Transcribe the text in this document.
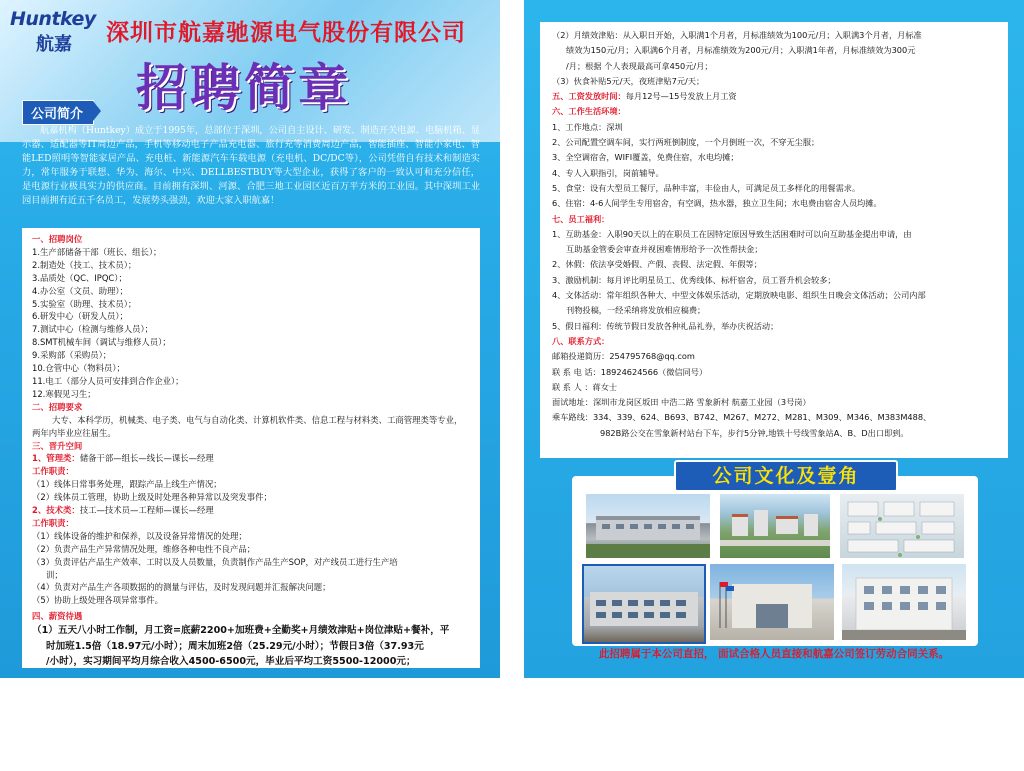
Huntkey
航嘉 深圳市航嘉驰源电气股份有限公司
招聘简章
公司简介
航嘉机构（Huntkey）成立于1995年，总部位于深圳，公司自主设计、研发、制造开关电源、电脑机箱、显示器、适配器等IT周边产品，手机等移动电子产品充电器、旅行充等消费周边产品，智能插座、智能小家电、智能LED照明等智能家居产品、充电桩、新能源汽车车载电源（充电机、DC/DC等），公司凭借自有技术和制造实力，常年服务于联想、华为、海尔、中兴、DELLBESTBUY等大型企业，获得了客户的一致认可和充分信任，是电源行业极具实力的供应商。目前拥有深圳、河源、合肥三地工业园区近百万平方米的工业园。其中深圳工业园目前拥有近五千名员工，发展势头强劲，欢迎大家入职航嘉！
一、招聘岗位
1.生产部储备干部（班长、组长）；
2.制造处（技工、技术员）；
3.品质处（QC、IPQC）；
4.办公室（文员、助理）；
5.实验室（助理、技术员）；
6.研发中心（研发人员）；
7.测试中心（检测与维修人员）；
8.SMT机械车间（调试与维修人员）；
9.采购部（采购员）；
10.仓管中心（物料员）；
11.电工（部分人员可安排到合作企业）；
12.寒假见习生；
二、招聘要求
大专、本科学历，机械类、电子类、电气与自动化类、计算机软件类、信息工程与材料类、工商管理类等专业，两年内毕业应往届生。
三、晋升空间
1、管理类：储备干部—组长—线长—课长—经理
工作职责：
（1）线体日常事务处理，跟踪产品上线生产情况；
（2）线体员工管理，协助上级及时处理各种异常以及突发事件；
2、技术类：技工—技术员—工程师—课长—经理
工作职责：
（1）线体设备的维护和保养，以及设备异常情况的处理；
（2）负责产品生产异常情况处理，维修各种电性不良产品；
（3）负责评估产品生产效率、工时以及人员数量，负责制作产品生产SOP，对产线员工进行生产培
训；
（4）负责对产品生产各项数据的的测量与评估，及时发现问题并汇报解决问题；
（5）协助上级处理各项异常事件。
四、薪资待遇
（1）五天八小时工作制，月工资=底薪2200+加班费+全勤奖+月绩效津贴+岗位津贴+餐补，平
时加班1.5倍（18.97元/小时）；周末加班2倍（25.29元/小时）；节假日3倍（37.93元
/小时），实习期间平均月综合收入4500-6500元，毕业后平均工资5500-12000元；
（2）月绩效津贴：从入职日开始，入职满1个月者，月标准绩效为100元/月；入职满3个月者，月标准
绩效为150元/月；入职满6个月者，月标准绩效为200元/月；入职满1年者，月标准绩效为300元
/月；根据 个人表现最高可拿450元/月；
（3）伙食补贴5元/天，夜班津贴7元/天；
五、工资发放时间：每月12号—15号发放上月工资
六、工作生活环境：
1、工作地点：深圳
2、公司配置空调车间，实行两班倒制度，一个月倒班一次，不穿无尘服；
3、全空调宿舍，WIFI覆盖，免费住宿，水电均摊；
4、专人入职指引，岗前辅导。
5、食堂：设有大型员工餐厅，品种丰富，丰俭由人，可满足员工多样化的用餐需求。
6、住宿：4-6人间学生专用宿舍，有空调，热水器，独立卫生间；水电费由宿舍人员均摊。
七、员工福利：
1、互助基金：入职90天以上的在职员工在因特定原因导致生活困难时可以向互助基金提出申请，由
互助基金管委会审查并视困难情形给予一次性帮扶金；
2、休假：依法享受婚假、产假、丧假、法定假、年假等；
3、激励机制：每月评比明星员工、优秀线体、标杆宿舍，员工晋升机会较多；
4、文体活动：常年组织各种大、中型文体娱乐活动，定期放映电影、组织生日晚会文体活动；公司内部
刊物投稿，一经采纳将发放相应稿费；
5、假日福利：传统节假日发放各种礼品礼券，举办庆祝活动；
八、联系方式：
邮箱投递简历：254795768@qq.com
联 系 电 话：18924624566（微信同号）
联 系 人 ：蒋女士
面试地址：深圳市龙岗区坂田 中浩二路 雪象新村 航嘉工业园（3号岗）
乘车路线：334、339、624、B693、B742、M267、M272、M281、M309、M346、M383M488、
982B路公交在雪象新村站台下车，步行5分钟,地铁十号线雪象站A、B、D出口即到。
公司文化及壹角
此招聘属于本公司直招， 面试合格人员直接和航嘉公司签订劳动合同关系。
